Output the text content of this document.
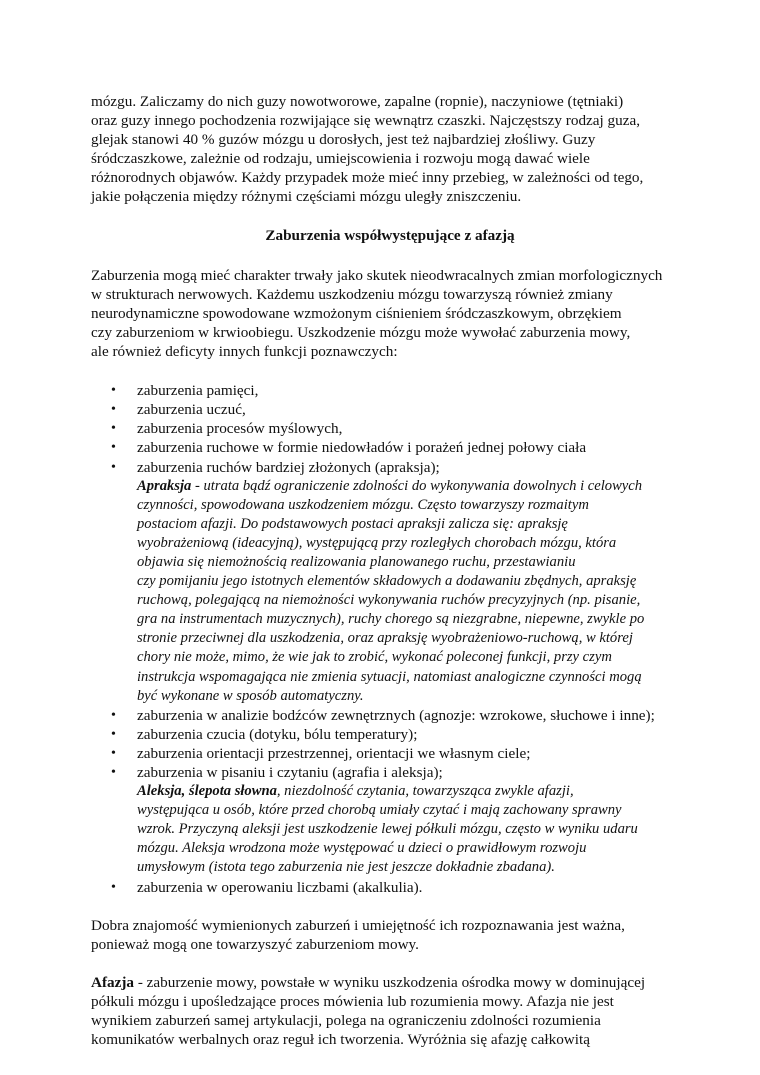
mózgu. Zaliczamy do nich guzy nowotworowe, zapalne (ropnie), naczyniowe (tętniaki)
oraz guzy innego pochodzenia rozwijające się wewnątrz czaszki. Najczęstszy rodzaj guza,
glejak stanowi 40 % guzów mózgu u dorosłych, jest też najbardziej złośliwy. Guzy
śródczaszkowe, zależnie od rodzaju, umiejscowienia i rozwoju mogą dawać wiele
różnorodnych objawów. Każdy przypadek może mieć inny przebieg, w zależności od tego,
jakie połączenia między różnymi częściami mózgu uległy zniszczeniu.

Zaburzenia współwystępujące z afazją

Zaburzenia mogą mieć charakter trwały jako skutek nieodwracalnych zmian morfologicznych
w strukturach nerwowych. Każdemu uszkodzeniu mózgu towarzyszą również zmiany
neurodynamiczne spowodowane wzmożonym ciśnieniem śródczaszkowym, obrzękiem
czy zaburzeniom w krwioobiegu. Uszkodzenie mózgu może wywołać zaburzenia mowy,
ale również deficyty innych funkcji poznawczych:

• zaburzenia pamięci,
• zaburzenia uczuć,
• zaburzenia procesów myślowych,
• zaburzenia ruchowe w formie niedowładów i porażeń jednej połowy ciała
• zaburzenia ruchów bardziej złożonych (apraksja);
Apraksja - utrata bądź ograniczenie zdolności do wykonywania dowolnych i celowych
czynności, spowodowana uszkodzeniem mózgu. Często towarzyszy rozmaitym
postaciom afazji. Do podstawowych postaci apraksji zalicza się: apraksję
wyobrażeniową (ideacyjną), występującą przy rozległych chorobach mózgu, która
objawia się niemożnością realizowania planowanego ruchu, przestawianiu
czy pomijaniu jego istotnych elementów składowych a dodawaniu zbędnych, apraksję
ruchową, polegającą na niemożności wykonywania ruchów precyzyjnych (np. pisanie,
gra na instrumentach muzycznych), ruchy chorego są niezgrabne, niepewne, zwykle po
stronie przeciwnej dla uszkodzenia, oraz apraksję wyobrażeniowo-ruchową, w której
chory nie może, mimo, że wie jak to zrobić, wykonać poleconej funkcji, przy czym
instrukcja wspomagająca nie zmienia sytuacji, natomiast analogiczne czynności mogą
być wykonane w sposób automatyczny.
• zaburzenia w analizie bodźców zewnętrznych (agnozje: wzrokowe, słuchowe i inne);
• zaburzenia czucia (dotyku, bólu temperatury);
• zaburzenia orientacji przestrzennej, orientacji we własnym ciele;
• zaburzenia w pisaniu i czytaniu (agrafia i aleksja);
Aleksja, ślepota słowna, niezdolność czytania, towarzysząca zwykle afazji,
występująca u osób, które przed chorobą umiały czytać i mają zachowany sprawny
wzrok. Przyczyną aleksji jest uszkodzenie lewej półkuli mózgu, często w wyniku udaru
mózgu. Aleksja wrodzona może występować u dzieci o prawidłowym rozwoju
umysłowym (istota tego zaburzenia nie jest jeszcze dokładnie zbadana).
• zaburzenia w operowaniu liczbami (akalkulia).

Dobra znajomość wymienionych zaburzeń i umiejętność ich rozpoznawania jest ważna,
ponieważ mogą one towarzyszyć zaburzeniom mowy.

Afazja - zaburzenie mowy, powstałe w wyniku uszkodzenia ośrodka mowy w dominującej
półkuli mózgu i upośledzające proces mówienia lub rozumienia mowy. Afazja nie jest
wynikiem zaburzeń samej artykulacji, polega na ograniczeniu zdolności rozumienia
komunikatów werbalnych oraz reguł ich tworzenia. Wyróżnia się afazję całkowitą
